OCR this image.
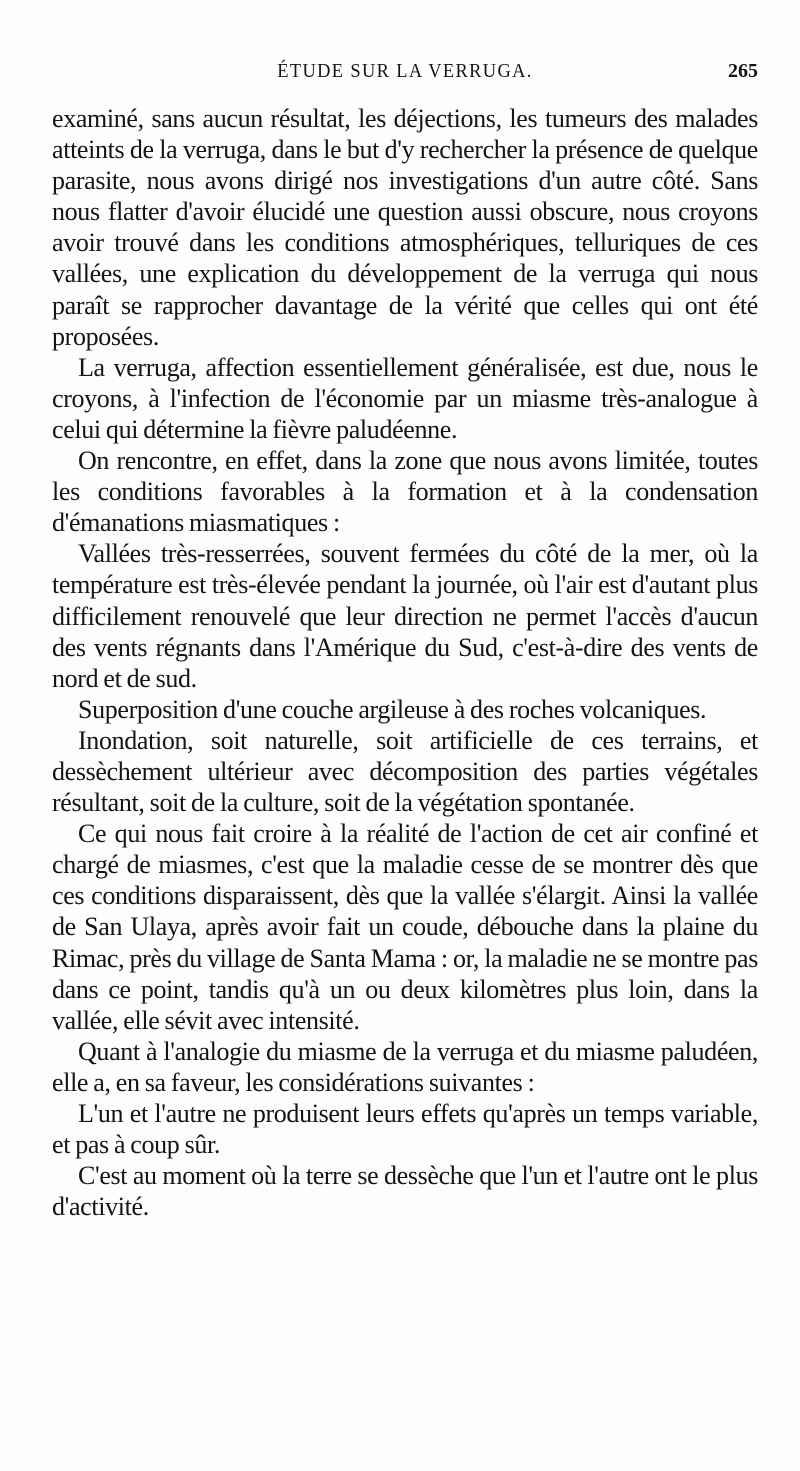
ÉTUDE SUR LA VERRUGA.	265

examiné, sans aucun résultat, les déjections, les tumeurs des malades atteints de la verruga, dans le but d'y rechercher la présence de quelque parasite, nous avons dirigé nos investigations d'un autre côté. Sans nous flatter d'avoir élucidé une question aussi obscure, nous croyons avoir trouvé dans les conditions atmosphériques, telluriques de ces vallées, une explication du développement de la verruga qui nous paraît se rapprocher davantage de la vérité que celles qui ont été proposées.

La verruga, affection essentiellement généralisée, est due, nous le croyons, à l'infection de l'économie par un miasme très-analogue à celui qui détermine la fièvre paludéenne.

On rencontre, en effet, dans la zone que nous avons limitée, toutes les conditions favorables à la formation et à la condensation d'émanations miasmatiques :

Vallées très-resserrées, souvent fermées du côté de la mer, où la température est très-élevée pendant la journée, où l'air est d'autant plus difficilement renouvelé que leur direction ne permet l'accès d'aucun des vents régnants dans l'Amérique du Sud, c'est-à-dire des vents de nord et de sud.

Superposition d'une couche argileuse à des roches volcaniques.

Inondation, soit naturelle, soit artificielle de ces terrains, et dessèchement ultérieur avec décomposition des parties végétales résultant, soit de la culture, soit de la végétation spontanée.

Ce qui nous fait croire à la réalité de l'action de cet air confiné et chargé de miasmes, c'est que la maladie cesse de se montrer dès que ces conditions disparaissent, dès que la vallée s'élargit. Ainsi la vallée de San Ulaya, après avoir fait un coude, débouche dans la plaine du Rimac, près du village de Santa Mama : or, la maladie ne se montre pas dans ce point, tandis qu'à un ou deux kilomètres plus loin, dans la vallée, elle sévit avec intensité.

Quant à l'analogie du miasme de la verruga et du miasme paludéen, elle a, en sa faveur, les considérations suivantes :

L'un et l'autre ne produisent leurs effets qu'après un temps variable, et pas à coup sûr.

C'est au moment où la terre se dessèche que l'un et l'autre ont le plus d'activité.
